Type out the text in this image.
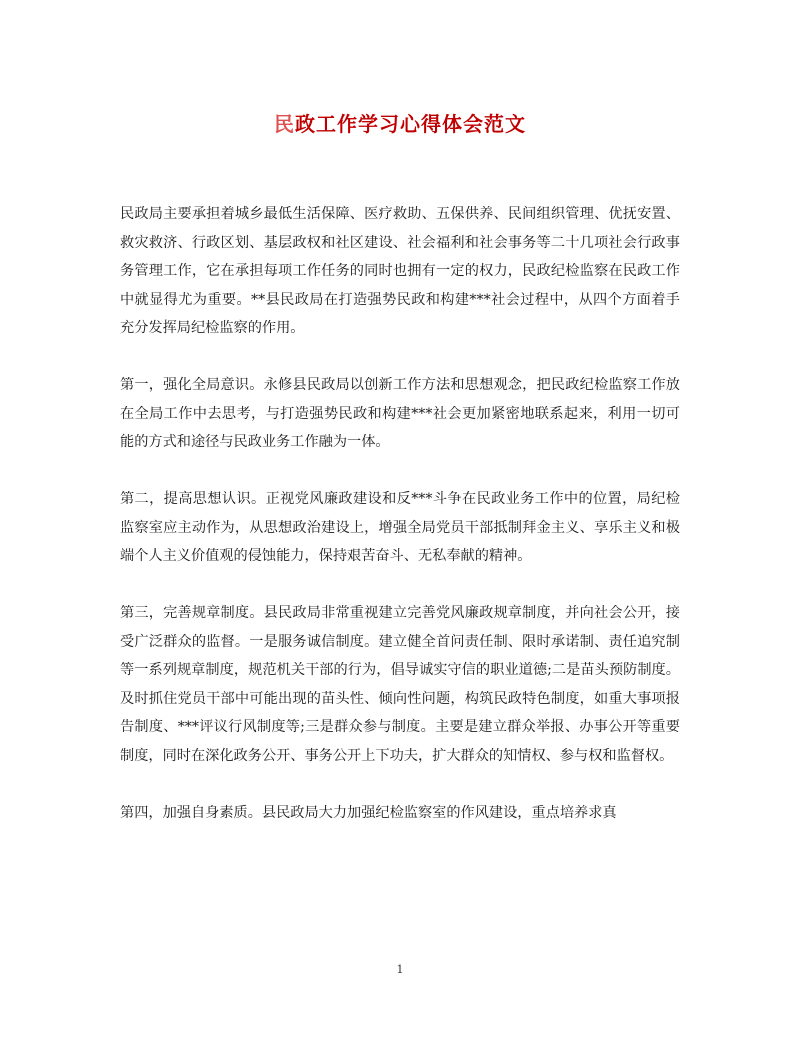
民政工作学习心得体会范文

民政局主要承担着城乡最低生活保障、医疗救助、五保供养、民间组织管理、优抚安置、救灾救济、行政区划、基层政权和社区建设、社会福利和社会事务等二十几项社会行政事务管理工作，它在承担每项工作任务的同时也拥有一定的权力，民政纪检监察在民政工作中就显得尤为重要。**县民政局在打造强势民政和构建***社会过程中，从四个方面着手充分发挥局纪检监察的作用。

第一，强化全局意识。永修县民政局以创新工作方法和思想观念，把民政纪检监察工作放在全局工作中去思考，与打造强势民政和构建***社会更加紧密地联系起来，利用一切可能的方式和途径与民政业务工作融为一体。

第二，提高思想认识。正视党风廉政建设和反***斗争在民政业务工作中的位置，局纪检监察室应主动作为，从思想政治建设上，增强全局党员干部抵制拜金主义、享乐主义和极端个人主义价值观的侵蚀能力，保持艰苦奋斗、无私奉献的精神。

第三，完善规章制度。县民政局非常重视建立完善党风廉政规章制度，并向社会公开，接受广泛群众的监督。一是服务诚信制度。建立健全首问责任制、限时承诺制、责任追究制等一系列规章制度，规范机关干部的行为，倡导诚实守信的职业道德;二是苗头预防制度。及时抓住党员干部中可能出现的苗头性、倾向性问题，构筑民政特色制度，如重大事项报告制度、***评议行风制度等;三是群众参与制度。主要是建立群众举报、办事公开等重要制度，同时在深化政务公开、事务公开上下功夫，扩大群众的知情权、参与权和监督权。

第四，加强自身素质。县民政局大力加强纪检监察室的作风建设，重点培养求真

1
